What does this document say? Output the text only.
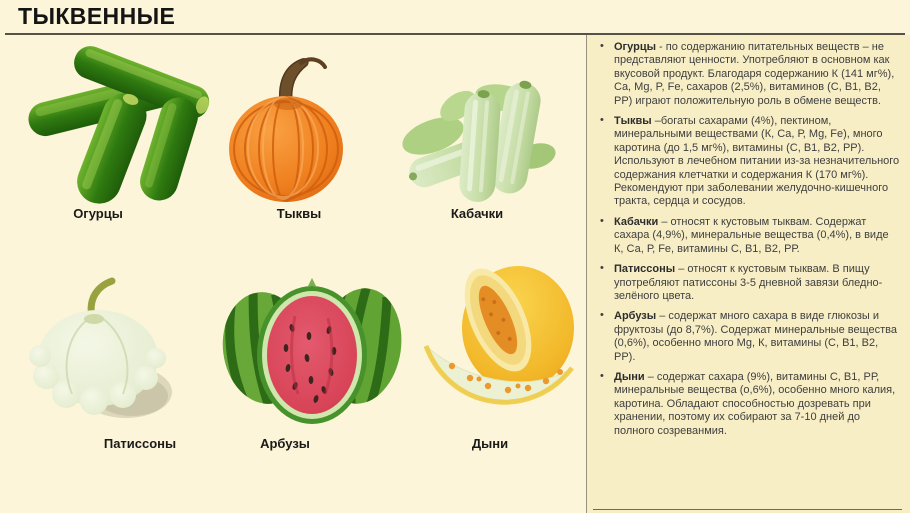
ТЫКВЕННЫЕ
Огурцы	Тыквы	Кабачки
Патиссоны	Арбузы	Дыни
• Огурцы - по содержанию питательных веществ – не представляют ценности. Употребляют в основном как вкусовой продукт. Благодаря содержанию К (141 мг%), Ca, Mg, P, Fe, сахаров (2,5%), витаминов (С, В1, В2, РР) играют положительную роль в обмене веществ.
• Тыквы –богаты сахарами (4%), пектином, минеральными веществами (К, Са, Р, Mg, Fe), много каротина (до 1,5 мг%), витамины (С, В1, В2, РР). Используют в лечебном питании из-за незначительного содержания клетчатки и содержания К (170 мг%). Рекомендуют при заболевании желудочно-кишечного тракта, сердца и сосудов.
• Кабачки – относят к кустовым тыквам. Содержат сахара (4,9%), минеральные вещества (0,4%), в виде К, Са, Р, Fe, витамины С, В1, В2, РР.
• Патиссоны – относят к кустовым тыквам. В пищу употребляют патиссоны 3-5 дневной завязи бледно-зелёного цвета.
• Арбузы – содержат много сахара в виде глюкозы и фруктозы (до 8,7%). Содержат минеральные вещества (0,6%), особенно много Mg, К, витамины (С, В1, В2, РР).
• Дыни – содержат сахара (9%), витамины С, В1, РР, минеральные вещества (о,6%), особенно много калия, каротина. Обладают способностью дозревать при хранении, поэтому их собирают за 7-10 дней до полного созреванмия.
